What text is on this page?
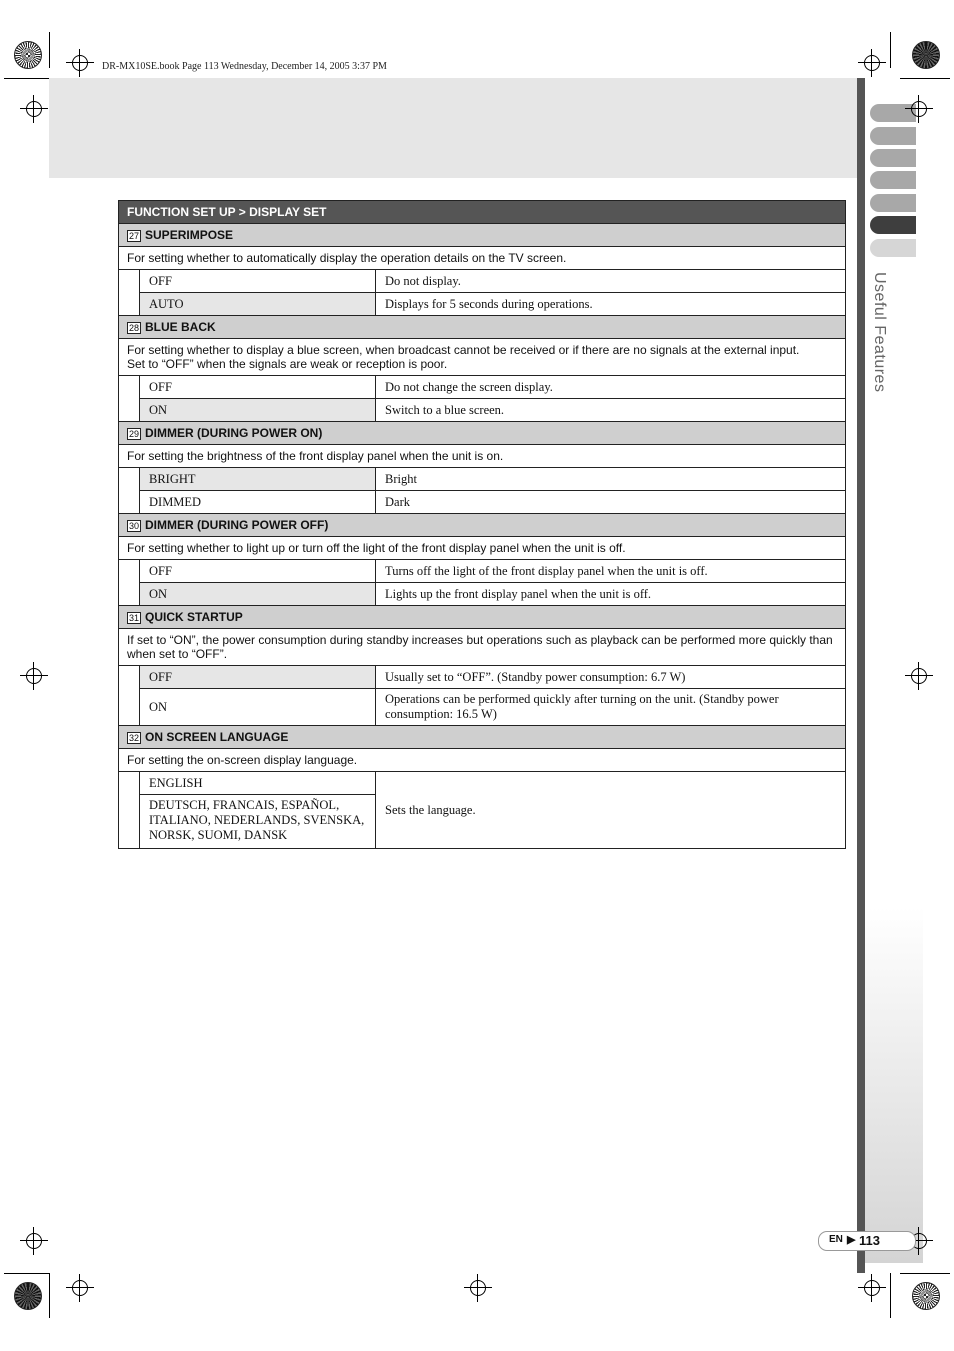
Useful Features
DR-MX10SE.book Page 113 Wednesday, December 14, 2005 3:37 PM
EN ▶ 113
FUNCTION SET UP > DISPLAY SET		
27 SUPERIMPOSE		
For setting whether to automatically display the operation details on the TV screen.		
	OFF	Do not display.
	AUTO	Displays for 5 seconds during operations.
28 BLUE BACK		

For setting whether to display a blue screen, when broadcast cannot be received or if there are no signals at the external input.
Set to “OFF” when the signals are weak or reception is poor.		

	OFF	Do not change the screen display.
	ON	Switch to a blue screen.
29 DIMMER (DURING POWER ON)		
For setting the brightness of the front display panel when the unit is on.		
	BRIGHT	Bright
	DIMMED	Dark
30 DIMMER (DURING POWER OFF)		
For setting whether to light up or turn off the light of the front display panel when the unit is off.		
	OFF	Turns off the light of the front display panel when the unit is off.
	ON	Lights up the front display panel when the unit is off.
31 QUICK STARTUP		
If set to “ON”, the power consumption during standby increases but operations such as playback can be performed more quickly than when set to “OFF”.		
	OFF	Usually set to “OFF”. (Standby power consumption: 6.7 W)
	ON	Operations can be performed quickly after turning on the unit. (Standby power consumption: 16.5 W)
32 ON SCREEN LANGUAGE		
For setting the on-screen display language.		
	ENGLISH	Sets the language.
	DEUTSCH, FRANCAIS, ESPAÑOL, ITALIANO, NEDERLANDS, SVENSKA, NORSK, SUOMI, DANSK	
